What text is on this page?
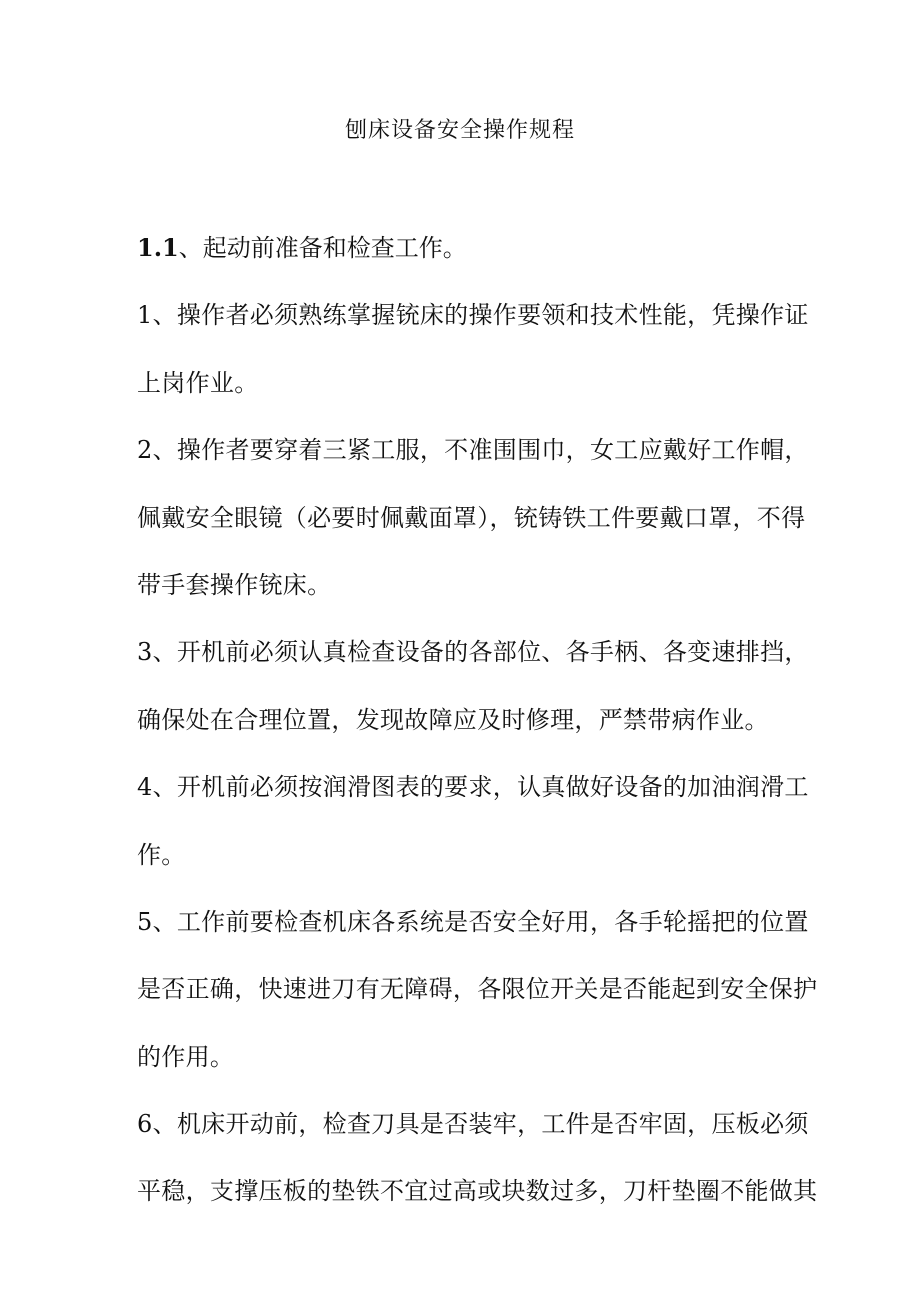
刨床设备安全操作规程
1.1、起动前准备和检查工作。
1、操作者必须熟练掌握铳床的操作要领和技术性能，凭操作证
上岗作业。
2、操作者要穿着三紧工服，不准围围巾，女工应戴好工作帽，
佩戴安全眼镜（必要时佩戴面罩），铳铸铁工件要戴口罩，不得
带手套操作铳床。
3、开机前必须认真检查设备的各部位、各手柄、各变速排挡，
确保处在合理位置，发现故障应及时修理，严禁带病作业。
4、开机前必须按润滑图表的要求，认真做好设备的加油润滑工
作。
5、工作前要检查机床各系统是否安全好用，各手轮摇把的位置
是否正确，快速进刀有无障碍，各限位开关是否能起到安全保护
的作用。
6、机床开动前，检查刀具是否装牢，工件是否牢固，压板必须
平稳，支撑压板的垫铁不宜过高或块数过多，刀杆垫圈不能做其
